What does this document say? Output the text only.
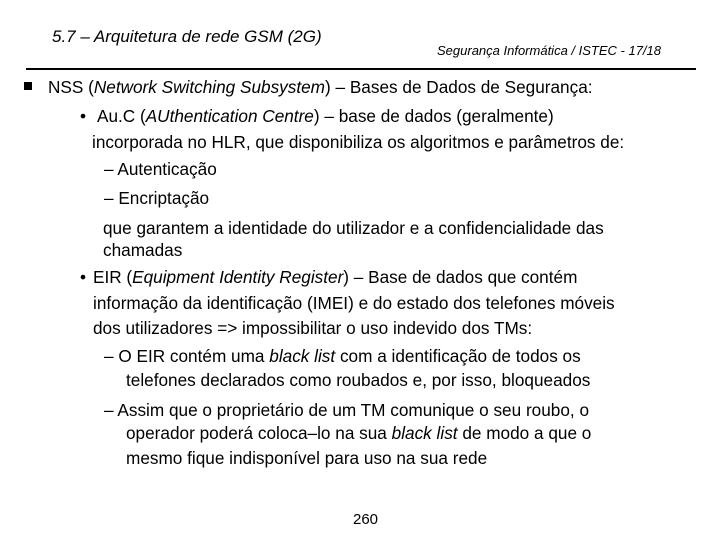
5.7 – Arquitetura de rede GSM (2G)
Segurança Informática / ISTEC - 17/18
NSS (Network Switching Subsystem) – Bases de Dados de Segurança:
• Au.C (AUthentication Centre) – base de dados (geralmente)
incorporada no HLR, que disponibiliza os algoritmos e parâmetros de:
– Autenticação
– Encriptação
que garantem a identidade do utilizador e a confidencialidade das
chamadas
• EIR (Equipment Identity Register) – Base de dados que contém
informação da identificação (IMEI) e do estado dos telefones móveis
dos utilizadores => impossibilitar o uso indevido dos TMs:
– O EIR contém uma black list com a identificação de todos os
telefones declarados como roubados e, por isso, bloqueados
– Assim que o proprietário de um TM comunique o seu roubo, o
operador poderá coloca–lo na sua black list de modo a que o
mesmo fique indisponível para uso na sua rede
260
